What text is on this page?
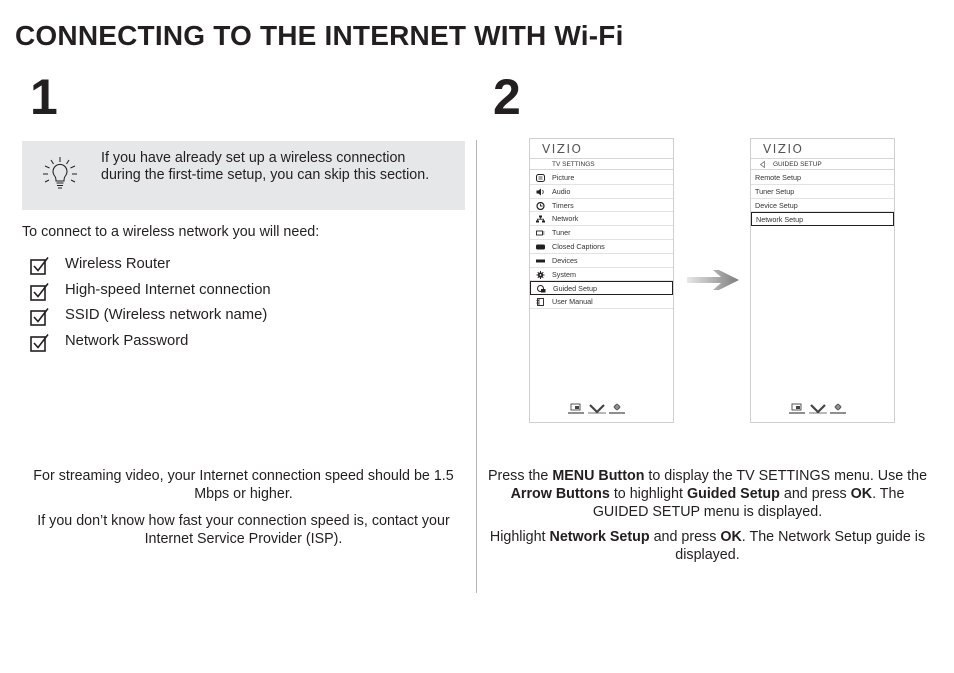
CONNECTING TO THE INTERNET WITH Wi-Fi
1	2
If you have already set up a wireless connection during the first-time setup, you can skip this section.
To connect to a wireless network you will need:
Wireless Router
High-speed Internet connection
SSID (Wireless network name)
Network Password

For streaming video, your Internet connection speed should be 1.5 Mbps or higher.

If you don’t know how fast your connection speed is, contact your Internet Service Provider (ISP).

VIZIO
TV SETTINGS
Picture
Audio
Timers
Network
Tuner
Closed Captions
Devices
System
Guided Setup
User Manual
VIZIO
GUIDED SETUP
Remote Setup
Tuner Setup
Device Setup
Network Setup

Press the MENU Button to display the TV SETTINGS menu. Use the Arrow Buttons to highlight Guided Setup and press OK. The GUIDED SETUP menu is displayed.

Highlight Network Setup and press OK. The Network Setup guide is displayed.
